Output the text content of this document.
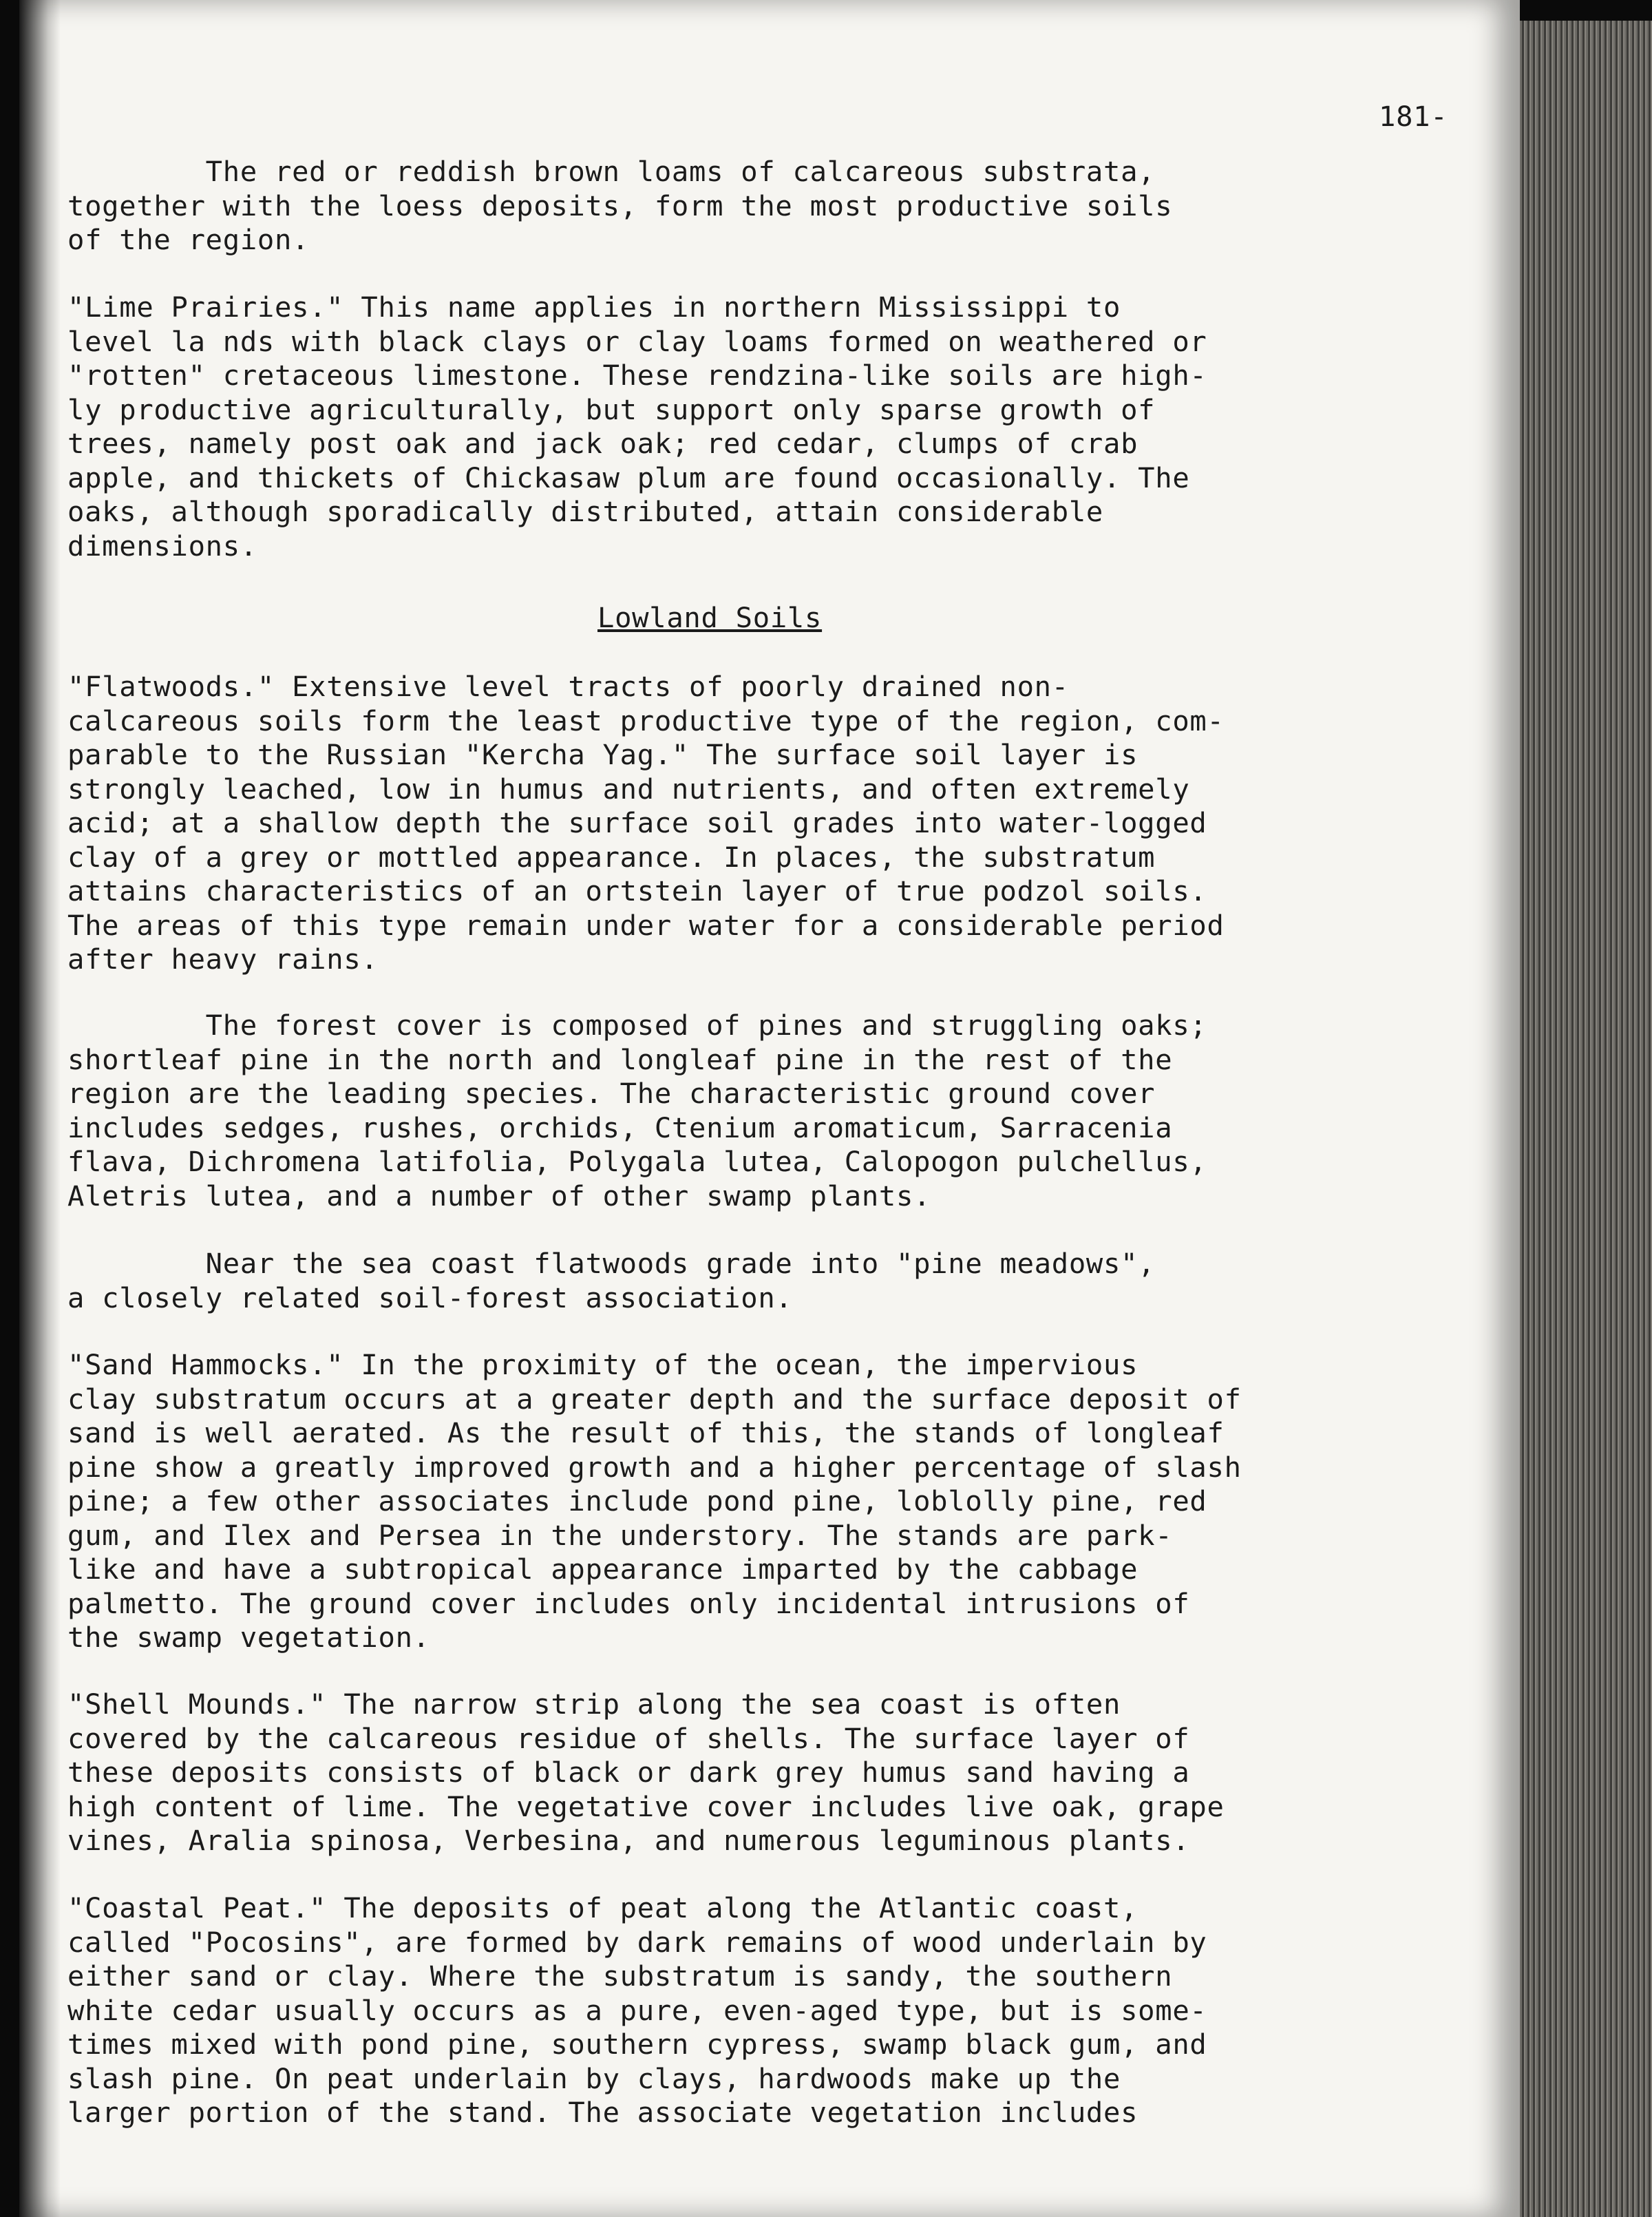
181-
The red or reddish brown loams of calcareous substrata,
together with the loess deposits, form the most productive soils
of the region.
"Lime Prairies." This name applies in northern Mississippi to
level la nds with black clays or clay loams formed on weathered or
"rotten" cretaceous limestone. These rendzina-like soils are high-
ly productive agriculturally, but support only sparse growth of
trees, namely post oak and jack oak; red cedar, clumps of crab
apple, and thickets of Chickasaw plum are found occasionally. The
oaks, although sporadically distributed, attain considerable
dimensions.
Lowland Soils
"Flatwoods." Extensive level tracts of poorly drained non-
calcareous soils form the least productive type of the region, com-
parable to the Russian "Kercha Yag." The surface soil layer is
strongly leached, low in humus and nutrients, and often extremely
acid; at a shallow depth the surface soil grades into water-logged
clay of a grey or mottled appearance. In places, the substratum
attains characteristics of an ortstein layer of true podzol soils.
The areas of this type remain under water for a considerable period
after heavy rains.
The forest cover is composed of pines and struggling oaks;
shortleaf pine in the north and longleaf pine in the rest of the
region are the leading species. The characteristic ground cover
includes sedges, rushes, orchids, Ctenium aromaticum, Sarracenia
flava, Dichromena latifolia, Polygala lutea, Calopogon pulchellus,
Aletris lutea, and a number of other swamp plants.
Near the sea coast flatwoods grade into "pine meadows",
a closely related soil-forest association.
"Sand Hammocks." In the proximity of the ocean, the impervious
clay substratum occurs at a greater depth and the surface deposit of
sand is well aerated. As the result of this, the stands of longleaf
pine show a greatly improved growth and a higher percentage of slash
pine; a few other associates include pond pine, loblolly pine, red
gum, and Ilex and Persea in the understory. The stands are park-
like and have a subtropical appearance imparted by the cabbage
palmetto. The ground cover includes only incidental intrusions of
the swamp vegetation.
"Shell Mounds." The narrow strip along the sea coast is often
covered by the calcareous residue of shells. The surface layer of
these deposits consists of black or dark grey humus sand having a
high content of lime. The vegetative cover includes live oak, grape
vines, Aralia spinosa, Verbesina, and numerous leguminous plants.
"Coastal Peat." The deposits of peat along the Atlantic coast,
called "Pocosins", are formed by dark remains of wood underlain by
either sand or clay. Where the substratum is sandy, the southern
white cedar usually occurs as a pure, even-aged type, but is some-
times mixed with pond pine, southern cypress, swamp black gum, and
slash pine. On peat underlain by clays, hardwoods make up the
larger portion of the stand. The associate vegetation includes
